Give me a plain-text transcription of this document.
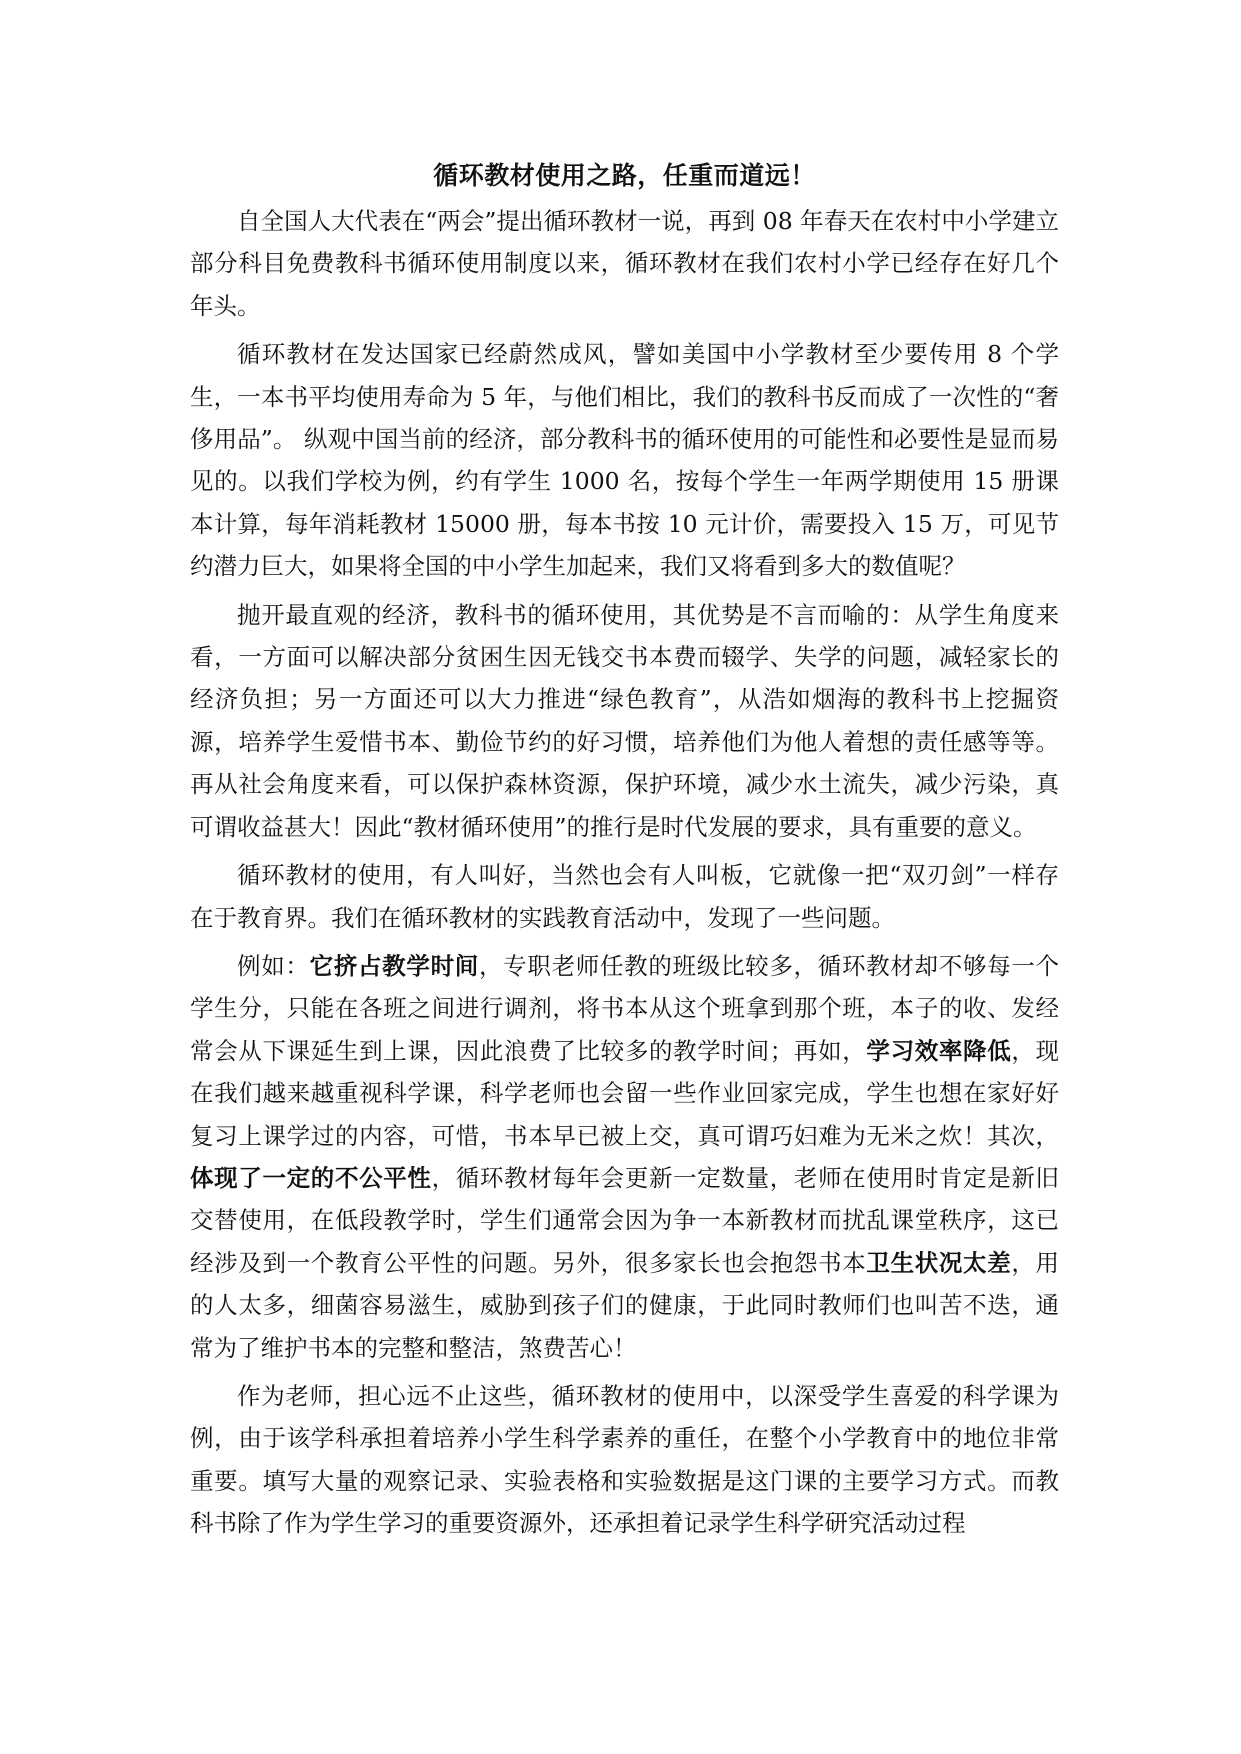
循环教材使用之路，任重而道远！

自全国人大代表在“两会”提出循环教材一说，再到 08 年春天在农村中小学建立部分科目免费教科书循环使用制度以来，循环教材在我们农村小学已经存在好几个年头。

循环教材在发达国家已经蔚然成风，譬如美国中小学教材至少要传用 8 个学生，一本书平均使用寿命为 5 年，与他们相比，我们的教科书反而成了一次性的“奢侈用品”。 纵观中国当前的经济，部分教科书的循环使用的可能性和必要性是显而易见的。以我们学校为例，约有学生 1000 名，按每个学生一年两学期使用 15 册课本计算，每年消耗教材 15000 册，每本书按 10 元计价，需要投入 15 万，可见节约潜力巨大，如果将全国的中小学生加起来，我们又将看到多大的数值呢？

抛开最直观的经济，教科书的循环使用，其优势是不言而喻的：从学生角度来看，一方面可以解决部分贫困生因无钱交书本费而辍学、失学的问题，减轻家长的经济负担；另一方面还可以大力推进“绿色教育”，从浩如烟海的教科书上挖掘资源，培养学生爱惜书本、勤俭节约的好习惯，培养他们为他人着想的责任感等等。再从社会角度来看，可以保护森林资源，保护环境，减少水土流失，减少污染，真可谓收益甚大！因此“教材循环使用”的推行是时代发展的要求，具有重要的意义。

循环教材的使用，有人叫好，当然也会有人叫板，它就像一把“双刃剑”一样存在于教育界。我们在循环教材的实践教育活动中，发现了一些问题。

例如：它挤占教学时间，专职老师任教的班级比较多，循环教材却不够每一个学生分，只能在各班之间进行调剂，将书本从这个班拿到那个班，本子的收、发经常会从下课延生到上课，因此浪费了比较多的教学时间；再如，学习效率降低，现在我们越来越重视科学课，科学老师也会留一些作业回家完成，学生也想在家好好复习上课学过的内容，可惜，书本早已被上交，真可谓巧妇难为无米之炊！其次，体现了一定的不公平性，循环教材每年会更新一定数量，老师在使用时肯定是新旧交替使用，在低段教学时，学生们通常会因为争一本新教材而扰乱课堂秩序，这已经涉及到一个教育公平性的问题。另外，很多家长也会抱怨书本卫生状况太差，用的人太多，细菌容易滋生，威胁到孩子们的健康，于此同时教师们也叫苦不迭，通常为了维护书本的完整和整洁，煞费苦心！

作为老师，担心远不止这些，循环教材的使用中，以深受学生喜爱的科学课为例，由于该学科承担着培养小学生科学素养的重任，在整个小学教育中的地位非常重要。填写大量的观察记录、实验表格和实验数据是这门课的主要学习方式。而教科书除了作为学生学习的重要资源外，还承担着记录学生科学研究活动过程
